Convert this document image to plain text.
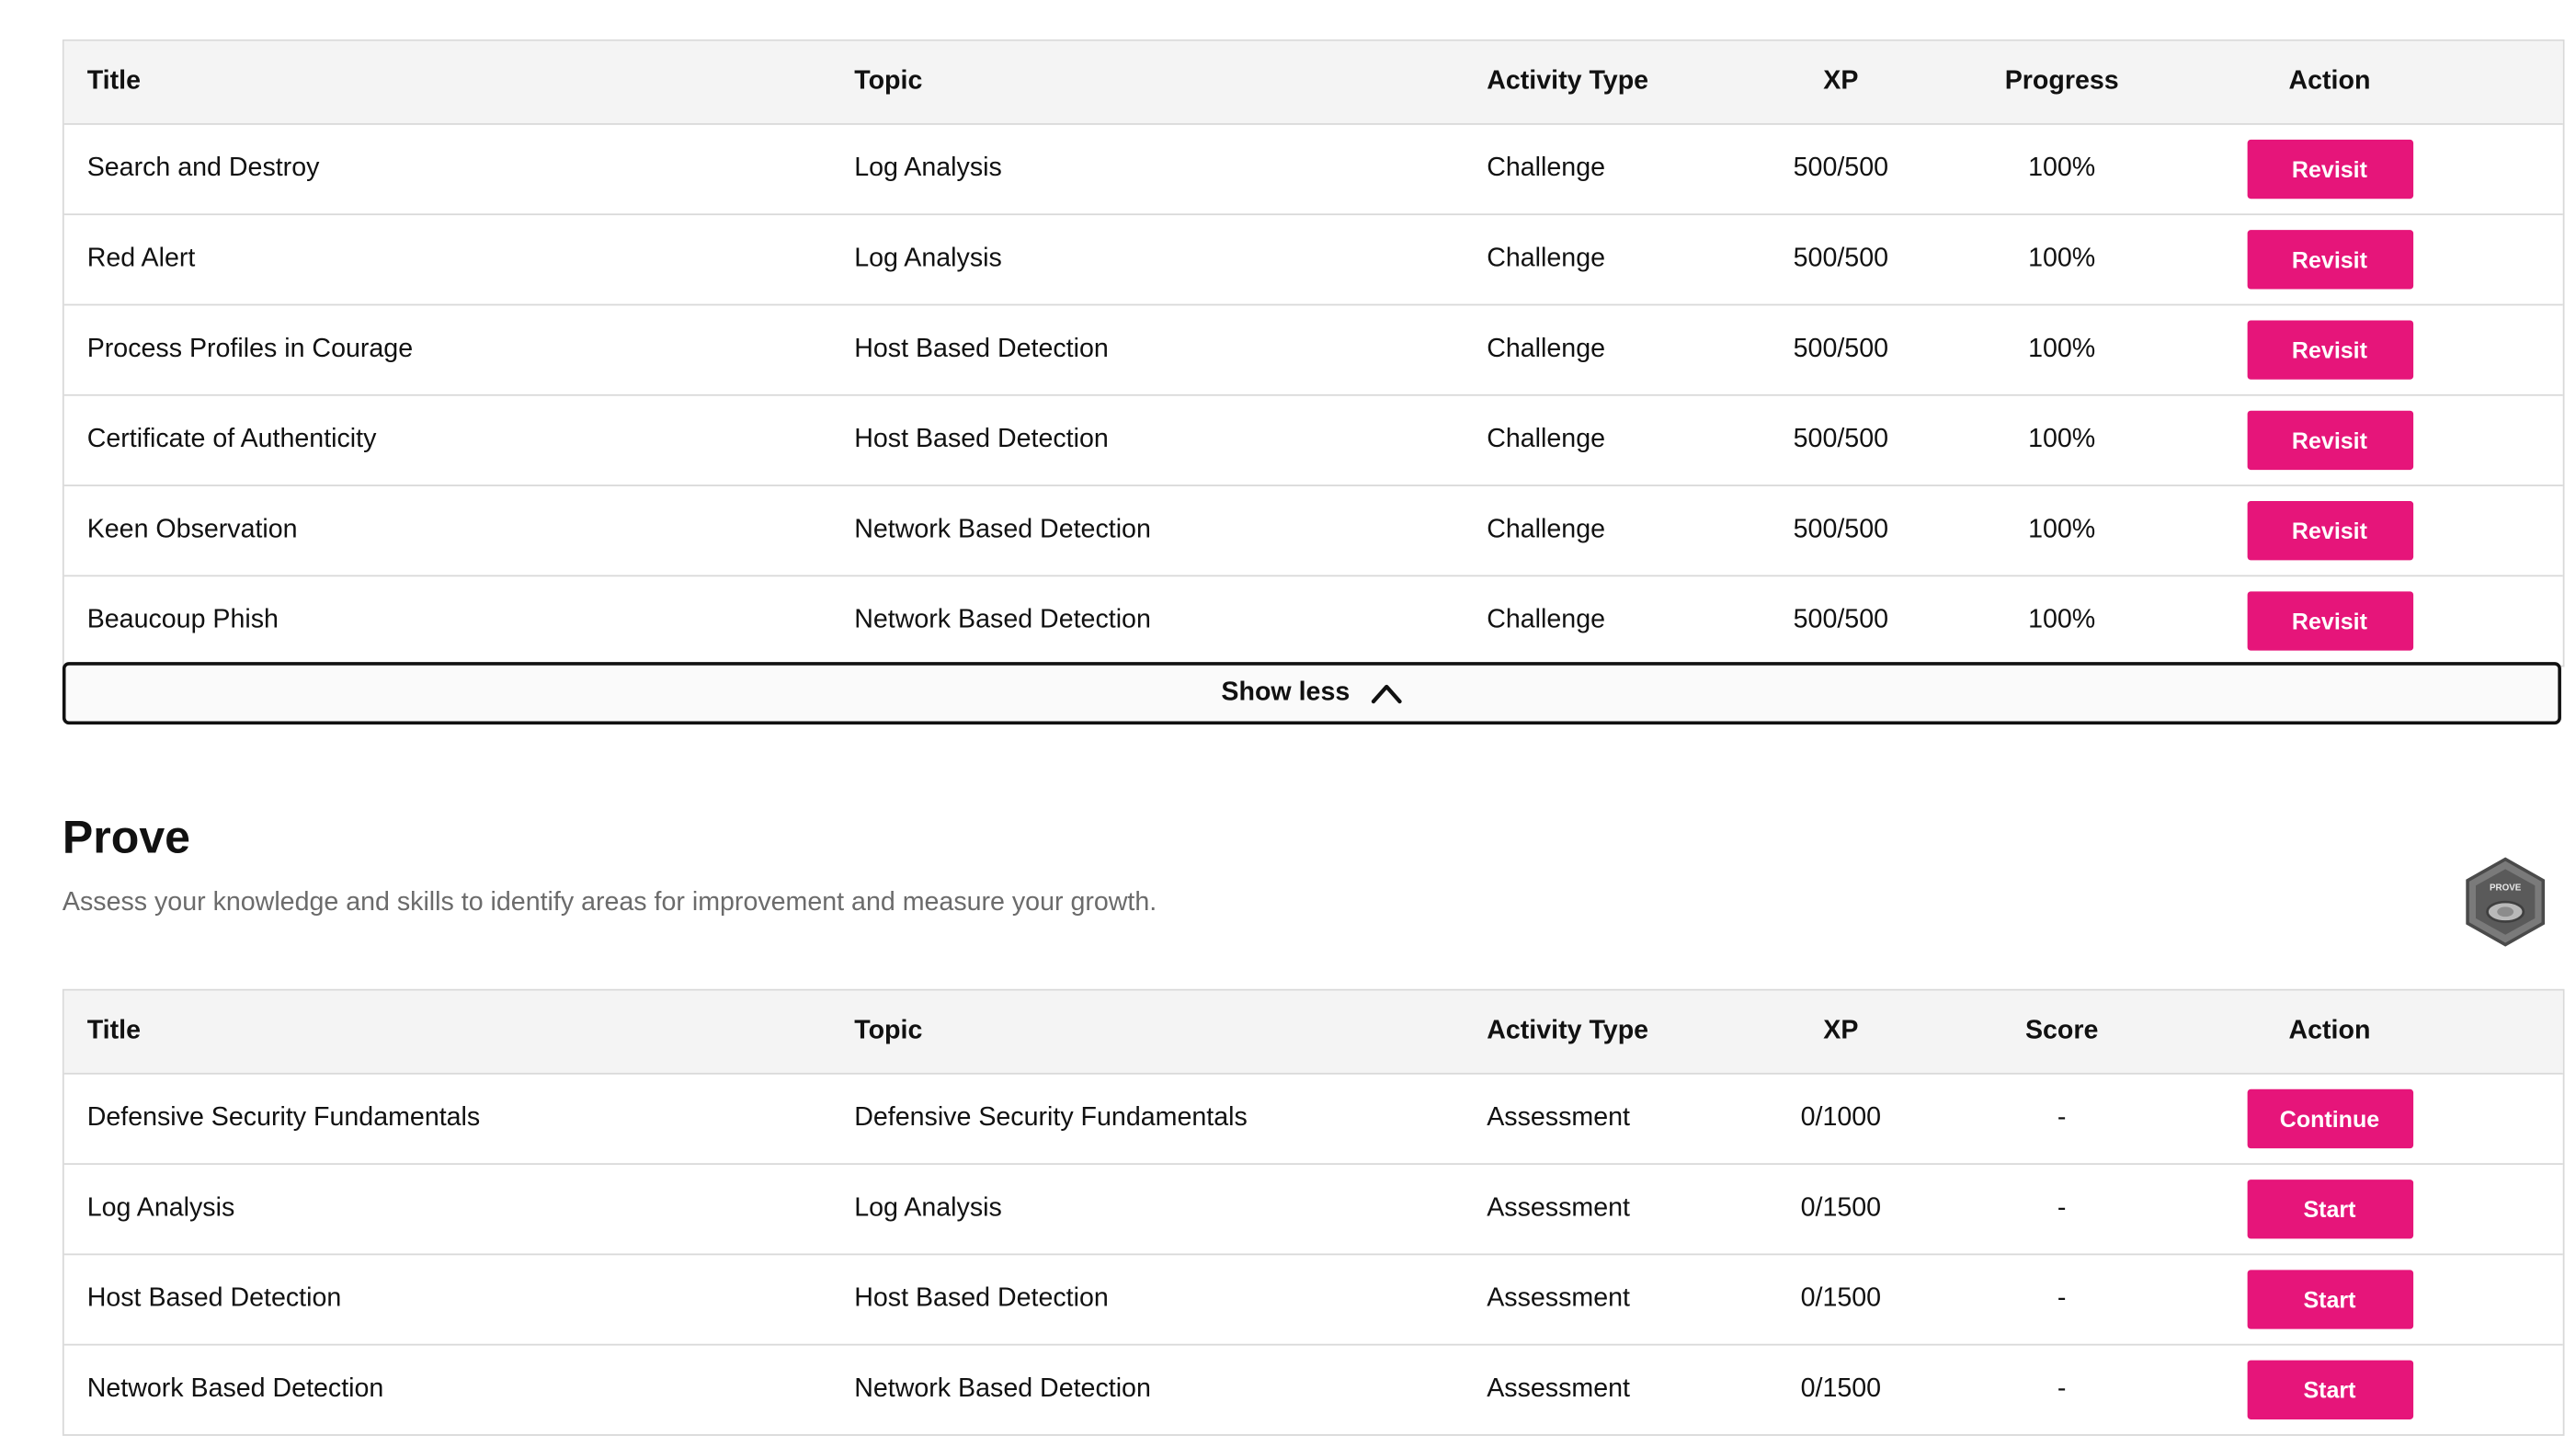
Title	Topic	Activity Type	XP	Progress	Action
Search and Destroy	Log Analysis	Challenge	500/500	100%	Revisit
Red Alert	Log Analysis	Challenge	500/500	100%	Revisit
Process Profiles in Courage	Host Based Detection	Challenge	500/500	100%	Revisit
Certificate of Authenticity	Host Based Detection	Challenge	500/500	100%	Revisit
Keen Observation	Network Based Detection	Challenge	500/500	100%	Revisit
Beaucoup Phish	Network Based Detection	Challenge	500/500	100%	Revisit
Show less
Prove

Assess your knowledge and skills to identify areas for improvement and measure your growth.

PROVE
Title	Topic	Activity Type	XP	Score	Action
Defensive Security Fundamentals	Defensive Security Fundamentals	Assessment	0/1000	-	Continue
Log Analysis	Log Analysis	Assessment	0/1500	-	Start
Host Based Detection	Host Based Detection	Assessment	0/1500	-	Start
Network Based Detection	Network Based Detection	Assessment	0/1500	-	Start
